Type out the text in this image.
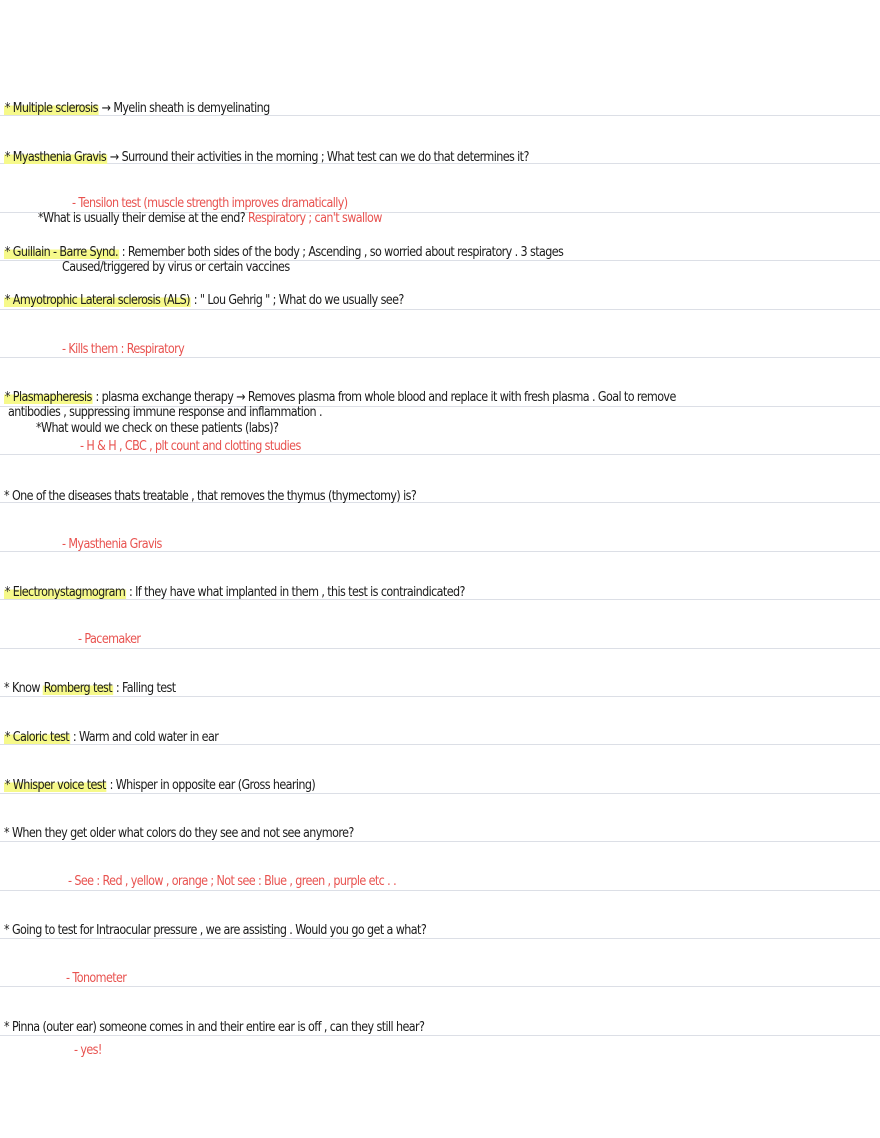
* Multiple sclerosis → Myelin sheath is demyelinating
* Myasthenia Gravis → Surround their activities in the morning ; What test can we do that determines it?
- Tensilon test (muscle strength improves dramatically)
*What is usually their demise at the end? Respiratory ; can't swallow
* Guillain - Barre Synd. : Remember both sides of the body ; Ascending , so worried about respiratory . 3 stages
Caused/triggered by virus or certain vaccines
* Amyotrophic Lateral sclerosis (ALS) : " Lou Gehrig " ; What do we usually see?
- Kills them : Respiratory
* Plasmapheresis : plasma exchange therapy → Removes plasma from whole blood and replace it with fresh plasma . Goal to remove
antibodies , suppressing immune response and inflammation .
*What would we check on these patients (labs)?
- H & H , CBC , plt count and clotting studies
* One of the diseases thats treatable , that removes the thymus (thymectomy) is?
- Myasthenia Gravis
* Electronystagmogram : If they have what implanted in them , this test is contraindicated?
- Pacemaker
* Know Romberg test : Falling test
* Caloric test : Warm and cold water in ear
* Whisper voice test : Whisper in opposite ear (Gross hearing)
* When they get older what colors do they see and not see anymore?
- See : Red , yellow , orange ; Not see : Blue , green , purple etc . .
* Going to test for Intraocular pressure , we are assisting . Would you go get a what?
- Tonometer
* Pinna (outer ear) someone comes in and their entire ear is off , can they still hear?
- yes!
